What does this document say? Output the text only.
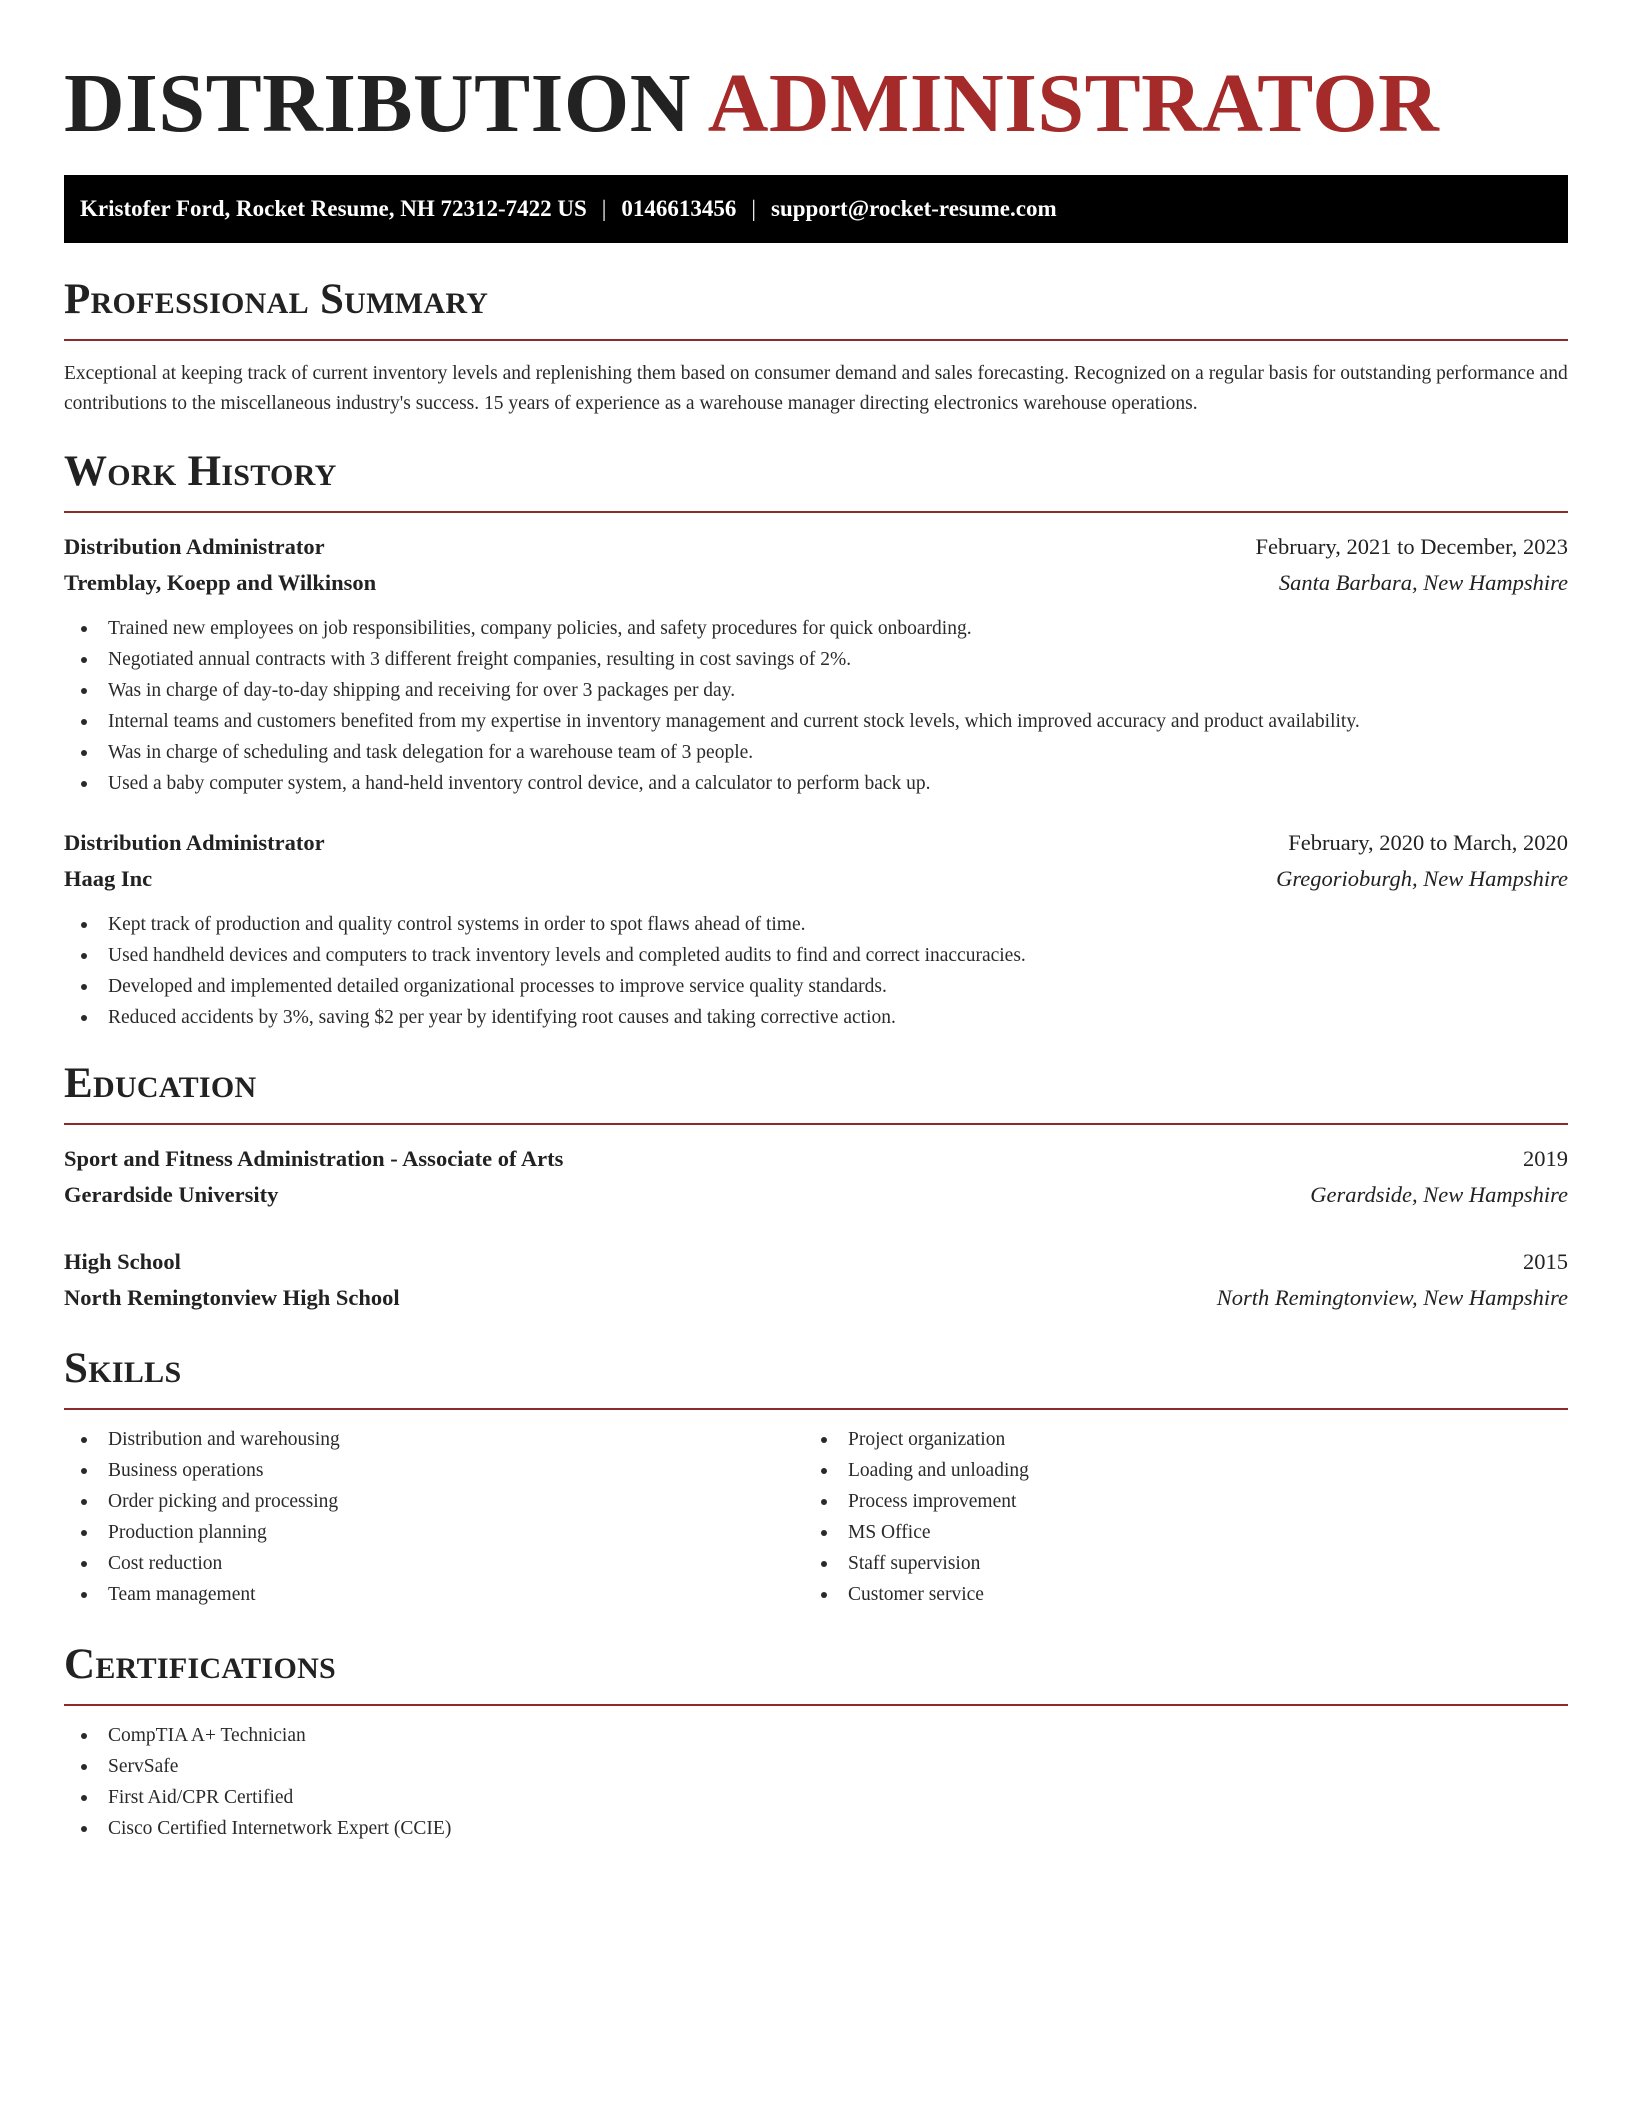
DISTRIBUTION ADMINISTRATOR
Kristofer Ford, Rocket Resume, NH 72312-7422 US | 0146613456 | support@rocket-resume.com
Professional Summary

Exceptional at keeping track of current inventory levels and replenishing them based on consumer demand and sales forecasting. Recognized on a regular basis for outstanding performance and contributions to the miscellaneous industry's success. 15 years of experience as a warehouse manager directing electronics warehouse operations.

Work History
Distribution Administrator	February, 2021 to December, 2023
Tremblay, Koepp and Wilkinson	Santa Barbara, New Hampshire
Trained new employees on job responsibilities, company policies, and safety procedures for quick onboarding.
Negotiated annual contracts with 3 different freight companies, resulting in cost savings of 2%.
Was in charge of day-to-day shipping and receiving for over 3 packages per day.
Internal teams and customers benefited from my expertise in inventory management and current stock levels, which improved accuracy and product availability.
Was in charge of scheduling and task delegation for a warehouse team of 3 people.
Used a baby computer system, a hand-held inventory control device, and a calculator to perform back up.
Distribution Administrator	February, 2020 to March, 2020
Haag Inc	Gregorioburgh, New Hampshire
Kept track of production and quality control systems in order to spot flaws ahead of time.
Used handheld devices and computers to track inventory levels and completed audits to find and correct inaccuracies.
Developed and implemented detailed organizational processes to improve service quality standards.
Reduced accidents by 3%, saving $2 per year by identifying root causes and taking corrective action.
Education
Sport and Fitness Administration - Associate of Arts	2019
Gerardside University	Gerardside, New Hampshire
High School	2015
North Remingtonview High School	North Remingtonview, New Hampshire
Skills
Distribution and warehousing
Business operations
Order picking and processing
Production planning
Cost reduction
Team management
Project organization
Loading and unloading
Process improvement
MS Office
Staff supervision
Customer service
Certifications
CompTIA A+ Technician
ServSafe
First Aid/CPR Certified
Cisco Certified Internetwork Expert (CCIE)
